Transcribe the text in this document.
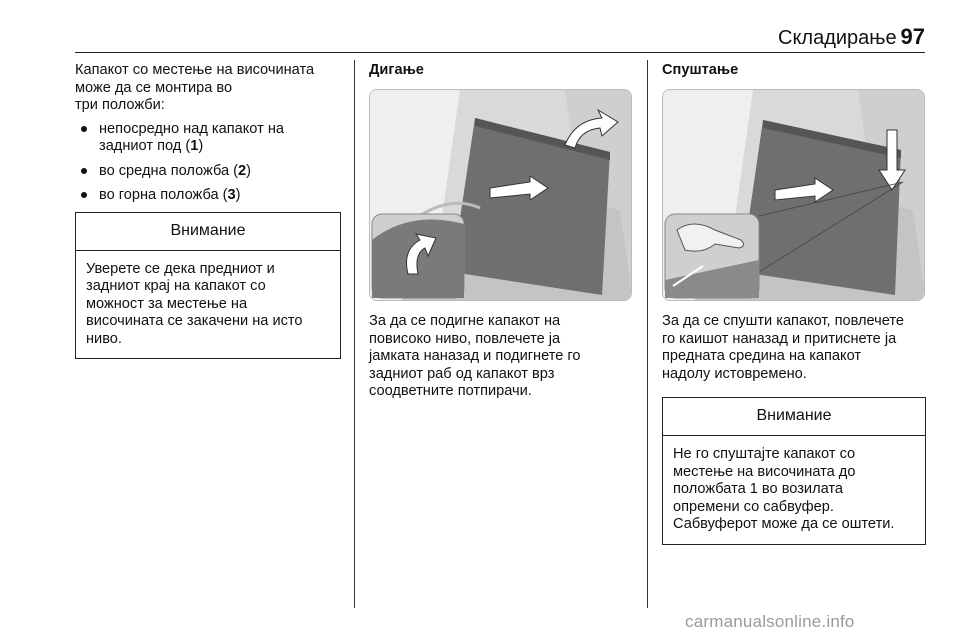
Складирање 97

Капакот со местење на височината

може да се монтира во

три положби:

непосредно над капакот на задниот под (1)
во средна положба (2)
во горна положба (3)
Внимание

Уверете се дека предниот и

задниот крај на капакот со

можност за местење на

височината се закачени на исто

ниво.

Дигање

За да се подигне капакот на

повисоко ниво, повлечете ја

јамката наназад и подигнете го

задниот раб од капакот врз

соодветните потпирачи.

Спуштање

За да се спушти капакот, повлечете

го каишот наназад и притиснете ја

предната средина на капакот

надолу истовремено.

Внимание

Не го спуштајте капакот со

местење на височината до

положбата 1 во возилата

опремени со сабвуфер.

Сабвуферот може да се оштети.

carmanualsonline.info
